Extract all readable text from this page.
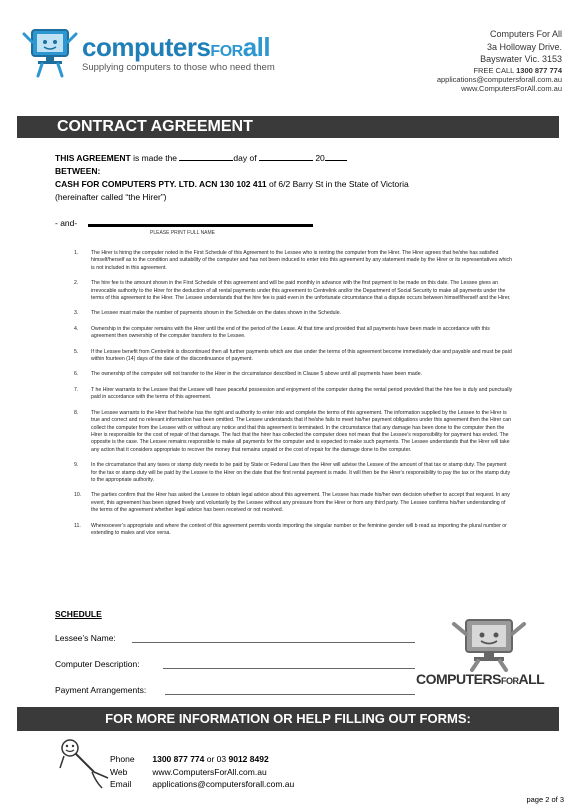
computersFORall
Supplying computers to those who need them
Computers For All
3a Holloway Drive.
Bayswater Vic. 3153
FREE CALL 1300 877 774
applications@computersforall.com.au
www.ComputersForAll.com.au
CONTRACT AGREEMENT
THIS AGREEMENT is made the	day of	20
BETWEEN:
CASH FOR COMPUTERS PTY. LTD. ACN 130 102 411 of 6/2 Barry St in the State of Victoria
(hereinafter called “the Hirer”)
- and-
PLEASE PRINT FULL NAME
1. The Hirer is hiring the computer noted in the First Schedule of this Agreement to the Lessee who is renting the computer from the Hirer. The Hirer agrees that he/she has satisfied himself/herself as to the condition and suitability of the computer and has not been induced to enter into this agreement by any statement made by the Hirer or its representatives which is not included in this agreement.
2. The hire fee is the amount shown in the First Schedule of this agreement and will be paid monthly in advance with the first payment to be made on this date. The Lessee gives an irrevocable authority to the Hirer for the deduction of all rental payments under this agreement to Centrelink and/or the Department of Social Security to make all payments under the terms of this agreement to the Hirer. The Lessee understands that the hire fee is paid even in the unfortunate circumstance that a dispute occurs between himself/herself and the Hirer.
3. The Lessee must make the number of payments shown in the Schedule on the dates shown in the Schedule.
4. Ownership in the computer remains with the Hirer until the end of the period of the Lease. At that time and provided that all payments have been made in accordance with this agreement then ownership of the computer transfers to the Lessee.
5. If the Lessee benefit from Centrelink is discontinued then all further payments which are due under the terms of this agreement become immediately due and payable and must be paid within fourteen (14) days of the date of the discontinuance of payment.
6. The ownership of the computer will not transfer to the Hirer in the circumstance described in Clause 5 above until all payments have been made.
7. T he Hirer warrants to the Lessee that the Lessee will have peaceful possession and enjoyment of the computer during the rental period provided that the hire fee is duly and punctually paid in accordance with the terms of this agreement.
8. The Lessee warrants to the Hirer that he/she has the right and authority to enter into and complete the terms of this agreement. The information supplied by the Lessee to the Hirer is true and correct and no relevant information has been omitted. The Lessee understands that if he/she fails to meet his/her payment obligations under this agreement then the Hirer can collect the computer from the Lessee with or without any notice and that this agreement is terminated. In the circumstance that any damage has been done to the computer then the Hirer is responsible for the cost of repair of that damage. The fact that the hirer has collected the computer does not mean that the Lessee’s responsibility for payment has ended. The opposite is the case. The Lessee remains responsible to make all payments for the computer and is expected to make such payments. The Lessee understands that the Hirer will take any action that it considers appropriate to recover the money that remains unpaid or the cost of repair for the damage done to the computer.
9. In the circumstance that any taxes or stamp duty needs to be paid by State or Federal Law then the Hirer will advise the Lessee of the amount of that tax or stamp duty. The payment for the tax or stamp duty will be paid by the Lessee to the Hirer on the date that the first rental payment is made. It will then be the Hirer’s responsibility to pay the tax or the stamp duty to the appropriate authority.
10. The parties confirm that the Hirer has asked the Lessee to obtain legal advice about this agreement. The Lessee has made his/her own decision whether to accept that request. In any event, this agreement has been signed freely and voluntarily by the Lessee without any pressure from the Hirer or from any third party. The Lessee confirms his/her understanding of the terms of the agreement whether legal advice has been received or not received.
11. Wheresoever’s appropriate and where the context of this agreement permits words importing the singular number or the feminine gender will b read as importing the plural number or extending to males and vice versa.
SCHEDULE
Lessee’s Name:
Computer Description:
Payment Arrangements:
COMPUTERSFORALL
FOR MORE INFORMATION OR HELP FILLING OUT FORMS:
Phone 1300 877 774 or 03 9012 8492
Web	www.ComputersForAll.com.au
Email applications@computersforall.com.au
page 2 of 3
